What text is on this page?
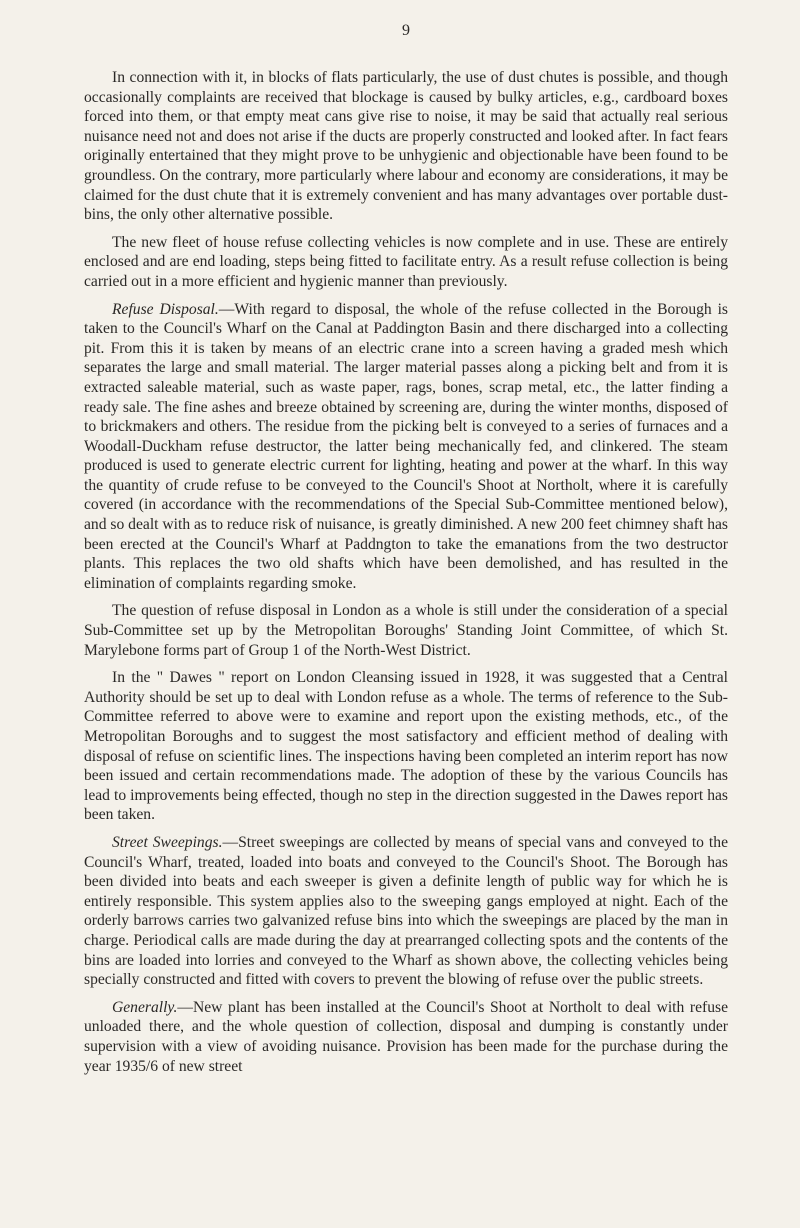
9

In connection with it, in blocks of flats particularly, the use of dust chutes is possible, and though occasionally complaints are received that blockage is caused by bulky articles, e.g., cardboard boxes forced into them, or that empty meat cans give rise to noise, it may be said that actually real serious nuisance need not and does not arise if the ducts are properly constructed and looked after. In fact fears originally entertained that they might prove to be unhygienic and objectionable have been found to be groundless. On the contrary, more particularly where labour and economy are considerations, it may be claimed for the dust chute that it is extremely convenient and has many advantages over portable dust-bins, the only other alternative possible.

The new fleet of house refuse collecting vehicles is now complete and in use. These are entirely enclosed and are end loading, steps being fitted to facilitate entry. As a result refuse collection is being carried out in a more efficient and hygienic manner than previously.

Refuse Disposal.—With regard to disposal, the whole of the refuse collected in the Borough is taken to the Council's Wharf on the Canal at Paddington Basin and there discharged into a collecting pit. From this it is taken by means of an electric crane into a screen having a graded mesh which separates the large and small material. The larger material passes along a picking belt and from it is extracted saleable material, such as waste paper, rags, bones, scrap metal, etc., the latter finding a ready sale. The fine ashes and breeze obtained by screening are, during the winter months, disposed of to brickmakers and others. The residue from the picking belt is conveyed to a series of furnaces and a Woodall-Duckham refuse destructor, the latter being mechanically fed, and clinkered. The steam produced is used to generate electric current for lighting, heating and power at the wharf. In this way the quantity of crude refuse to be conveyed to the Council's Shoot at Northolt, where it is carefully covered (in accordance with the recommendations of the Special Sub-Committee mentioned below), and so dealt with as to reduce risk of nuisance, is greatly diminished. A new 200 feet chimney shaft has been erected at the Council's Wharf at Paddngton to take the emanations from the two destructor plants. This replaces the two old shafts which have been demolished, and has resulted in the elimination of complaints regarding smoke.

The question of refuse disposal in London as a whole is still under the consideration of a special Sub-Committee set up by the Metropolitan Boroughs' Standing Joint Committee, of which St. Marylebone forms part of Group 1 of the North-West District.

In the " Dawes " report on London Cleansing issued in 1928, it was suggested that a Central Authority should be set up to deal with London refuse as a whole. The terms of reference to the Sub-Committee referred to above were to examine and report upon the existing methods, etc., of the Metropolitan Boroughs and to suggest the most satisfactory and efficient method of dealing with disposal of refuse on scientific lines. The inspections having been completed an interim report has now been issued and certain recommendations made. The adoption of these by the various Councils has lead to improvements being effected, though no step in the direction suggested in the Dawes report has been taken.

Street Sweepings.—Street sweepings are collected by means of special vans and conveyed to the Council's Wharf, treated, loaded into boats and conveyed to the Council's Shoot. The Borough has been divided into beats and each sweeper is given a definite length of public way for which he is entirely responsible. This system applies also to the sweeping gangs employed at night. Each of the orderly barrows carries two galvanized refuse bins into which the sweepings are placed by the man in charge. Periodical calls are made during the day at prearranged collecting spots and the contents of the bins are loaded into lorries and conveyed to the Wharf as shown above, the collecting vehicles being specially constructed and fitted with covers to prevent the blowing of refuse over the public streets.

Generally.—New plant has been installed at the Council's Shoot at Northolt to deal with refuse unloaded there, and the whole question of collection, disposal and dumping is constantly under supervision with a view of avoiding nuisance. Provision has been made for the purchase during the year 1935/6 of new street
